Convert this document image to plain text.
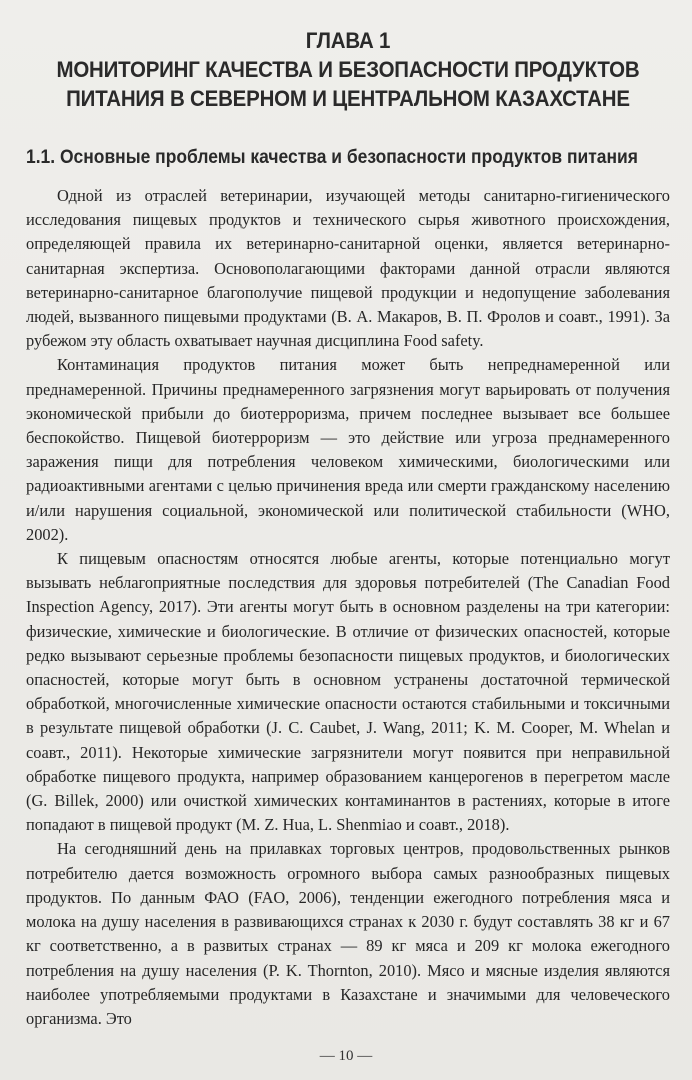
ГЛАВА 1
МОНИТОРИНГ КАЧЕСТВА И БЕЗОПАСНОСТИ ПРОДУКТОВ
ПИТАНИЯ В СЕВЕРНОМ И ЦЕНТРАЛЬНОМ КАЗАХСТАНЕ
1.1. Основные проблемы качества и безопасности продуктов питания

Одной из отраслей ветеринарии, изучающей методы санитарно-гигиенического исследования пищевых продуктов и технического сырья животного происхождения, определяющей правила их ветеринарно-санитарной оценки, является ветеринарно-санитарная экспертиза. Основополагающими факторами данной отрасли являются ветеринарно-санитарное благополучие пищевой продукции и недопущение заболевания людей, вызванного пищевыми продуктами (В. А. Макаров, В. П. Фролов и соавт., 1991). За рубежом эту область охватывает научная дисциплина Food safety.

Контаминация продуктов питания может быть непреднамеренной или преднамеренной. Причины преднамеренного загрязнения могут варьировать от получения экономической прибыли до биотерроризма, причем последнее вызывает все большее беспокойство. Пищевой биотерроризм — это действие или угроза преднамеренного заражения пищи для потребления человеком химическими, биологическими или радиоактивными агентами с целью причинения вреда или смерти гражданскому населению и/или нарушения социальной, экономической или политической стабильности (WHO, 2002).

К пищевым опасностям относятся любые агенты, которые потенциально могут вызывать неблагоприятные последствия для здоровья потребителей (The Canadian Food Inspection Agency, 2017). Эти агенты могут быть в основном разделены на три категории: физические, химические и биологические. В отличие от физических опасностей, которые редко вызывают серьезные проблемы безопасности пищевых продуктов, и биологических опасностей, которые могут быть в основном устранены достаточной термической обработкой, многочисленные химические опасности остаются стабильными и токсичными в результате пищевой обработки (J. C. Caubet, J. Wang, 2011; K. M. Cooper, M. Whelan и соавт., 2011). Некоторые химические загрязнители могут появится при неправильной обработке пищевого продукта, например образованием канцерогенов в перегретом масле (G. Billek, 2000) или очисткой химических контаминантов в растениях, которые в итоге попадают в пищевой продукт (M. Z. Hua, L. Shenmiao и соавт., 2018).

На сегодняшний день на прилавках торговых центров, продовольственных рынков потребителю дается возможность огромного выбора самых разнообразных пищевых продуктов. По данным ФАО (FAO, 2006), тенденции ежегодного потребления мяса и молока на душу населения в развивающихся странах к 2030 г. будут составлять 38 кг и 67 кг соответственно, а в развитых странах — 89 кг мяса и 209 кг молока ежегодного потребления на душу населения (P. K. Thornton, 2010). Мясо и мясные изделия являются наиболее употребляемыми продуктами в Казахстане и значимыми для человеческого организма. Это

— 10 —
